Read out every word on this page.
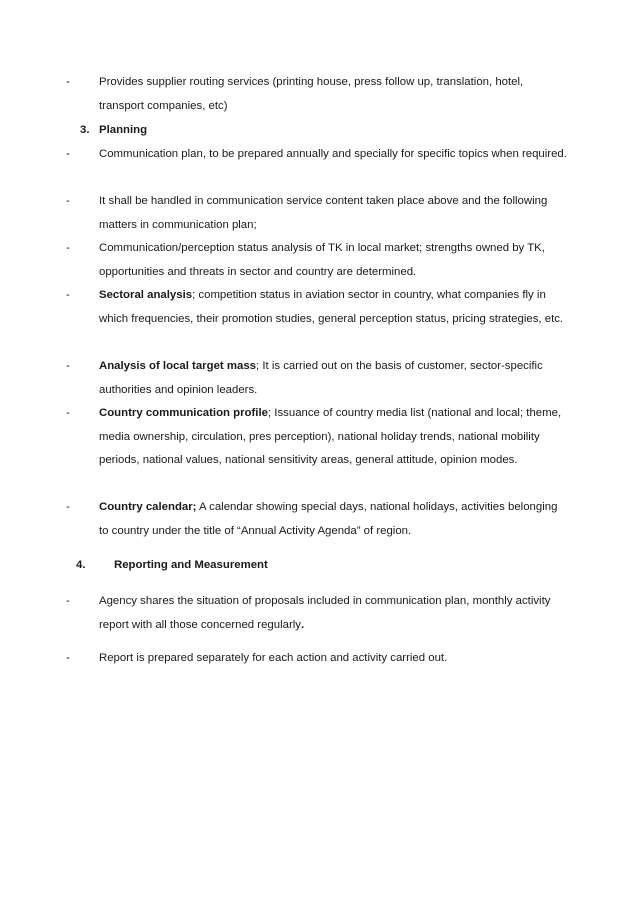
-	Provides supplier routing services (printing house, press follow up, translation, hotel, transport companies, etc)
3. Planning
-	Communication plan, to be prepared annually and specially for specific topics when required.
-	It shall be handled in communication service content taken place above and the following matters in communication plan;
-	Communication/perception status analysis of TK in local market; strengths owned by TK, opportunities and threats in sector and country are determined.
-	Sectoral analysis; competition status in aviation sector in country, what companies fly in which frequencies, their promotion studies, general perception status, pricing strategies, etc.
-	Analysis of local target mass; It is carried out on the basis of customer, sector-specific authorities and opinion leaders.
-	Country communication profile; Issuance of country media list (national and local; theme, media ownership, circulation, pres perception), national holiday trends, national mobility periods, national values, national sensitivity areas, general attitude, opinion modes.
-	Country calendar; A calendar showing special days, national holidays, activities belonging to country under the title of “Annual Activity Agenda” of region.
4.	Reporting and Measurement
-	Agency shares the situation of proposals included in communication plan, monthly activity report with all those concerned regularly.
-	Report is prepared separately for each action and activity carried out.
